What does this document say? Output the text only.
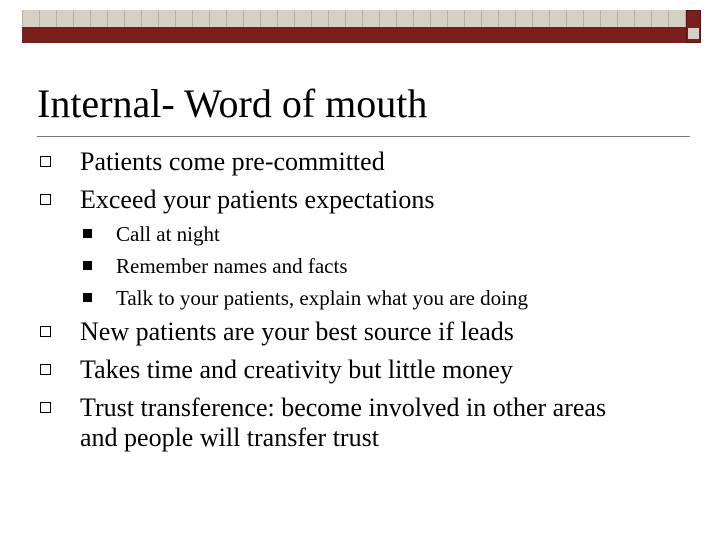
Internal- Word of mouth
Patients come pre-committed
Exceed your patients expectations
Call at night
Remember names and facts
Talk to your patients, explain what you are doing
New patients are your best source if leads
Takes time and creativity but little money
Trust transference: become involved in other areas
and people will transfer trust
